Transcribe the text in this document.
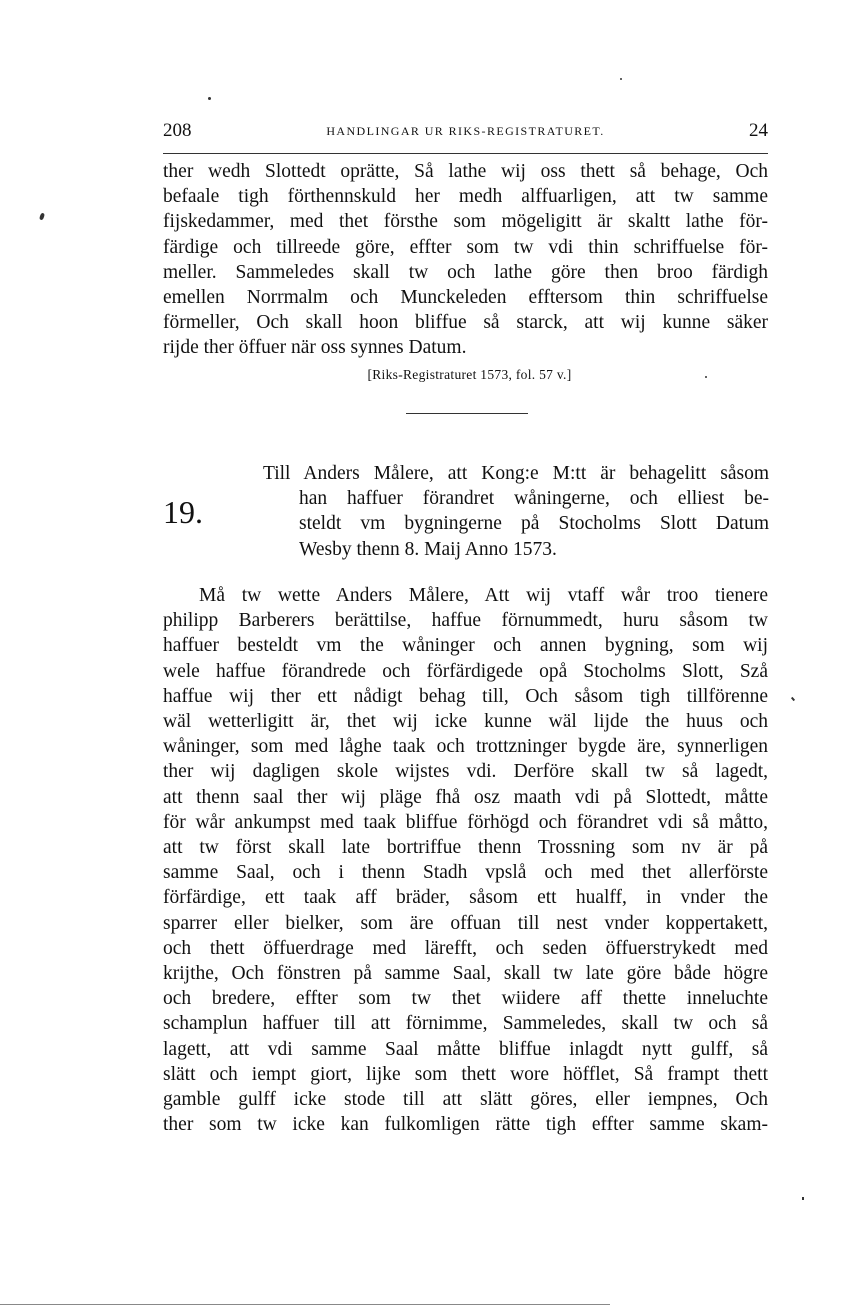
208	HANDLINGAR UR RIKS-REGISTRATURET.	24
ther wedh Slottedt oprätte, Så lathe wij oss thett så behage, Och
befaale tigh förthennskuld her medh alffuarligen, att tw samme
fijskedammer, med thet försthe som mögeligitt är skaltt lathe för-
färdige och tillreede göre, effter som tw vdi thin schriffuelse för-
meller. Sammeledes skall tw och lathe göre then broo färdigh
emellen Norrmalm och Munckeleden efftersom thin schriffuelse
förmeller, Och skall hoon bliffue så starck, att wij kunne säker
rijde ther öffuer när oss synnes Datum.
[Riks-Registraturet 1573, fol. 57 v.]
19.
Till Anders Målere, att Kong:e M:tt är behagelitt såsom
han haffuer förandret wåningerne, och elliest be-
steldt vm bygningerne på Stocholms Slott Datum
Wesby thenn 8. Maij Anno 1573.
Må tw wette Anders Målere, Att wij vtaff wår troo tienere
philipp Barberers berättilse, haffue förnummedt, huru såsom tw
haffuer besteldt vm the wåninger och annen bygning, som wij
wele haffue förandrede och förfärdigede opå Stocholms Slott, Szå
haffue wij ther ett nådigt behag till, Och såsom tigh tillförenne
wäl wetterligitt är, thet wij icke kunne wäl lijde the huus och
wåninger, som med låghe taak och trottzninger bygde äre, synnerligen
ther wij dagligen skole wijstes vdi. Derföre skall tw så lagedt,
att thenn saal ther wij pläge fhå osz maath vdi på Slottedt, måtte
för wår ankumpst med taak bliffue förhögd och förandret vdi så måtto,
att tw först skall late bortriffue thenn Trossning som nv är på
samme Saal, och i thenn Stadh vpslå och med thet allerförste
förfärdige, ett taak aff bräder, såsom ett hualff, in vnder the
sparrer eller bielker, som äre offuan till nest vnder koppertakett,
och thett öffuerdrage med lärefft, och seden öffuerstrykedt med
krijthe, Och fönstren på samme Saal, skall tw late göre både högre
och bredere, effter som tw thet wiidere aff thette inneluchte
schamplun haffuer till att förnimme, Sammeledes, skall tw och så
lagett, att vdi samme Saal måtte bliffue inlagdt nytt gulff, så
slätt och iempt giort, lijke som thett wore höfflet, Så frampt thett
gamble gulff icke stode till att slätt göres, eller iempnes, Och
ther som tw icke kan fulkomligen rätte tigh effter samme skam-
